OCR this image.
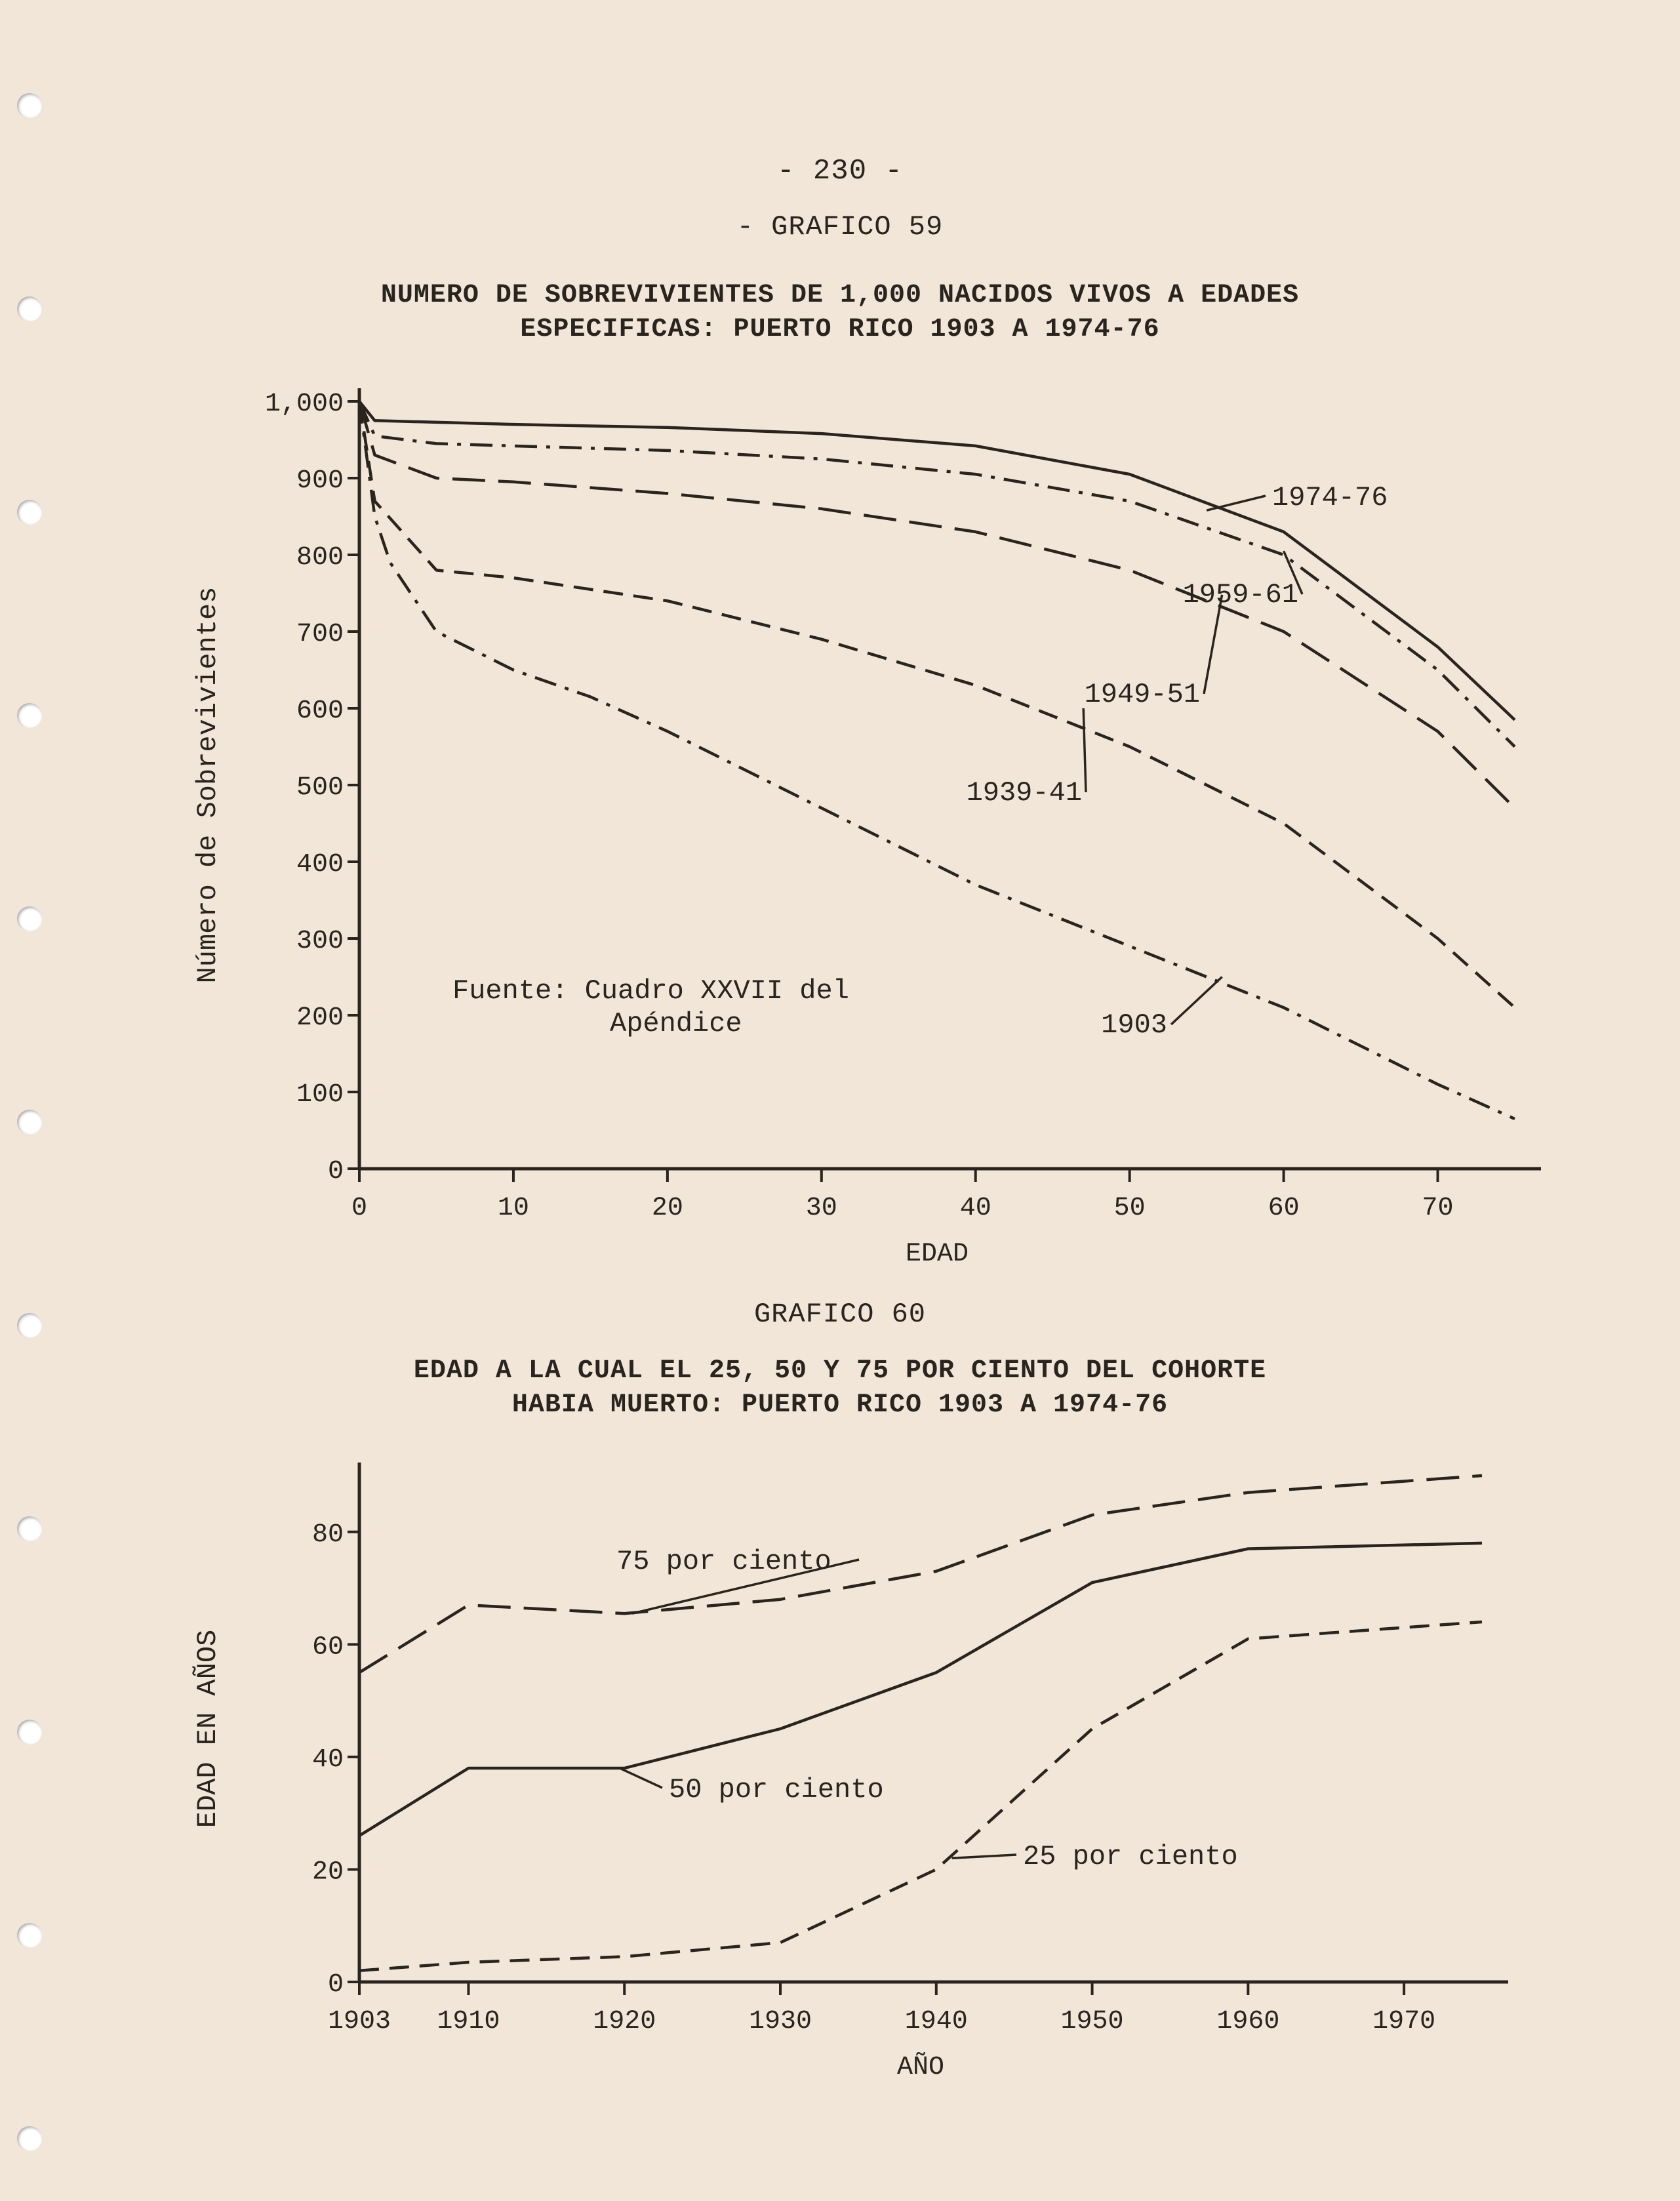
- 230 -
- GRAFICO 59
NUMERO DE SOBREVIVIENTES DE 1,000 NACIDOS VIVOS A EDADES
ESPECIFICAS: PUERTO RICO 1903 A 1974-76
GRAFICO 60
EDAD A LA CUAL EL 25, 50 Y 75 POR CIENTO DEL COHORTE
HABIA MUERTO: PUERTO RICO 1903 A 1974-76
0
100
200
300
400
500
600
700
800
900
1,000
0	10	20	30	40	50	60	70
EDAD
Número de Sobrevivientes
1974-76
1959-61
1949-51
1939-41
1903
Fuente: Cuadro XXVII del
Apéndice
0
20
40
60
80
1903 1910	1920	1930	1940	1950	1960	1970
AÑO
EDAD EN AÑOS
75 por ciento
50 por ciento
25 por ciento
